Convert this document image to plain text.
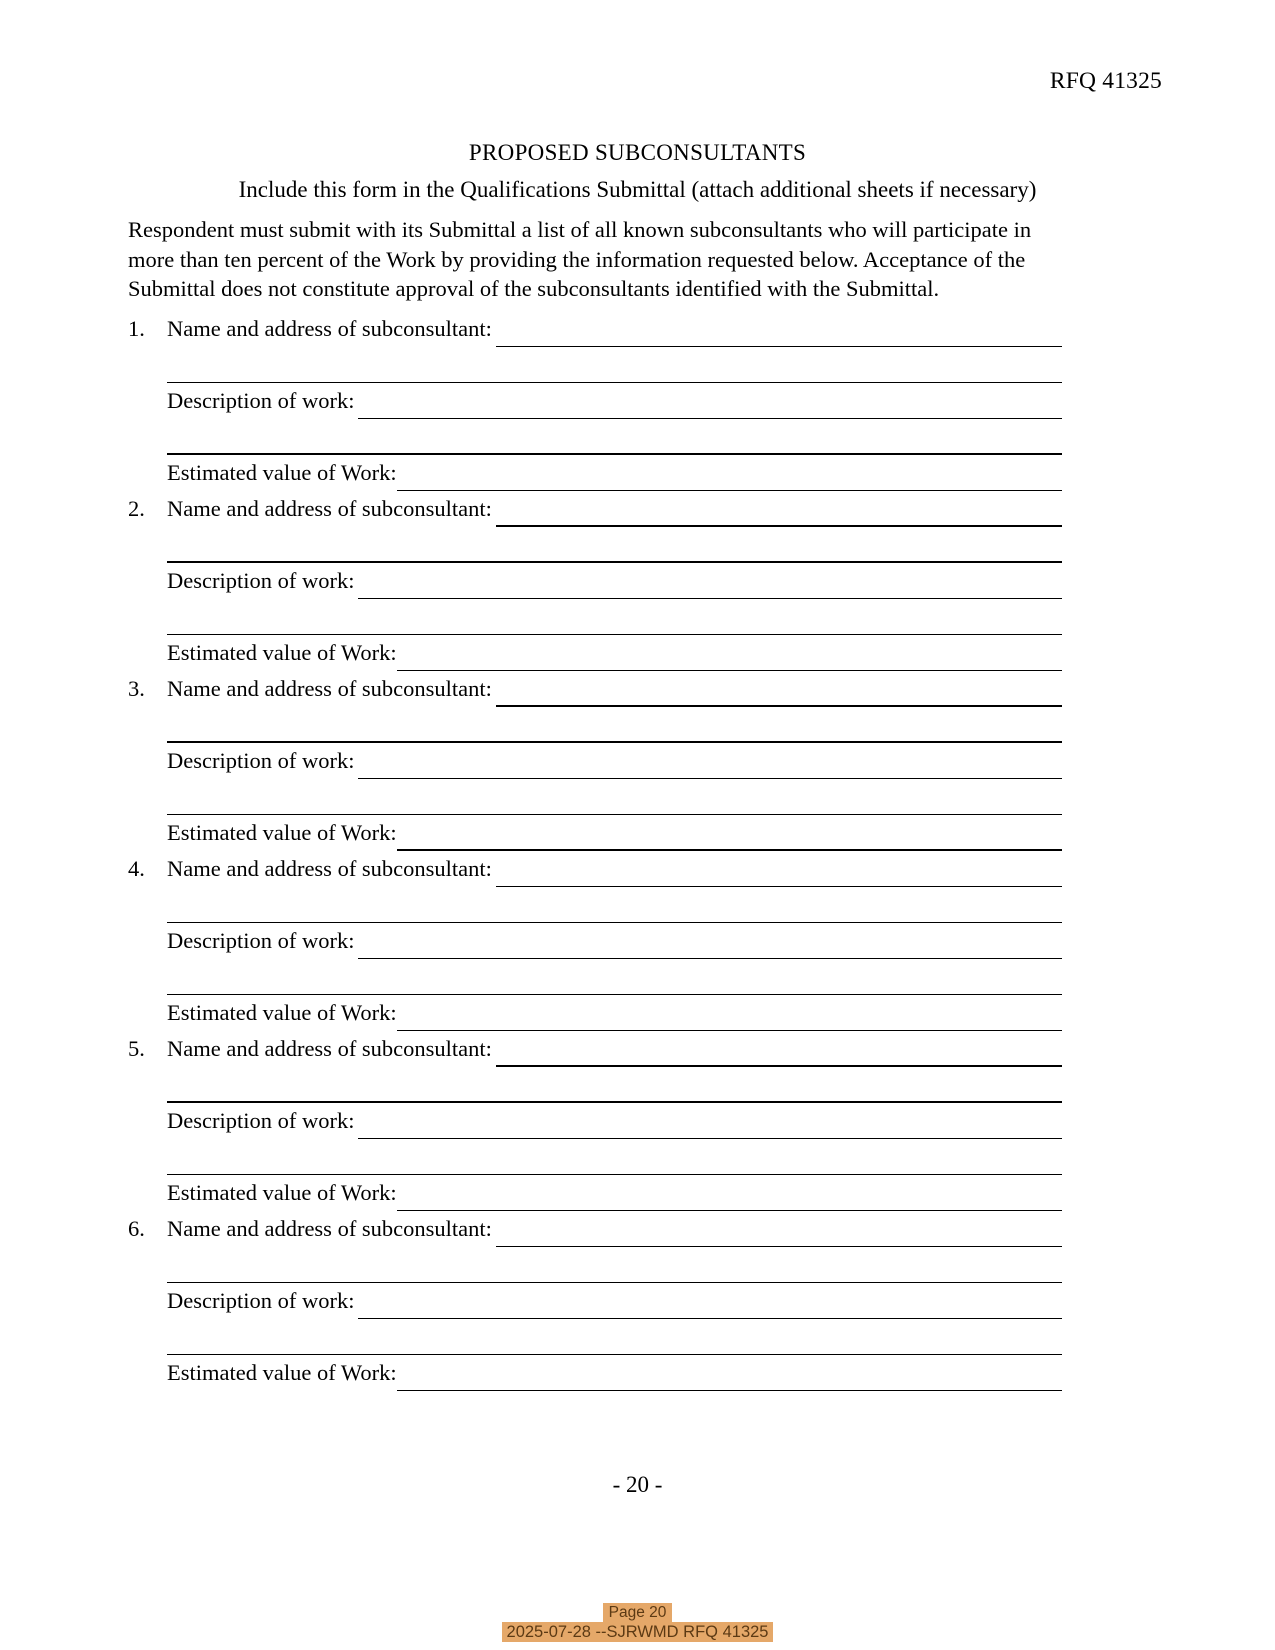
RFQ 41325
PROPOSED SUBCONSULTANTS
Include this form in the Qualifications Submittal (attach additional sheets if necessary)
Respondent must submit with its Submittal a list of all known subconsultants who will participate in more than ten percent of the Work by providing the information requested below. Acceptance of the Submittal does not constitute approval of the subconsultants identified with the Submittal.
1. Name and address of subconsultant:
Description of work:
Estimated value of Work:
2. Name and address of subconsultant:
Description of work:
Estimated value of Work:
3. Name and address of subconsultant:
Description of work:
Estimated value of Work:
4. Name and address of subconsultant:
Description of work:
Estimated value of Work:
5. Name and address of subconsultant:
Description of work:
Estimated value of Work:
6. Name and address of subconsultant:
Description of work:
Estimated value of Work:
- 20 -
Page 20
2025-07-28 --SJRWMD RFQ 41325
